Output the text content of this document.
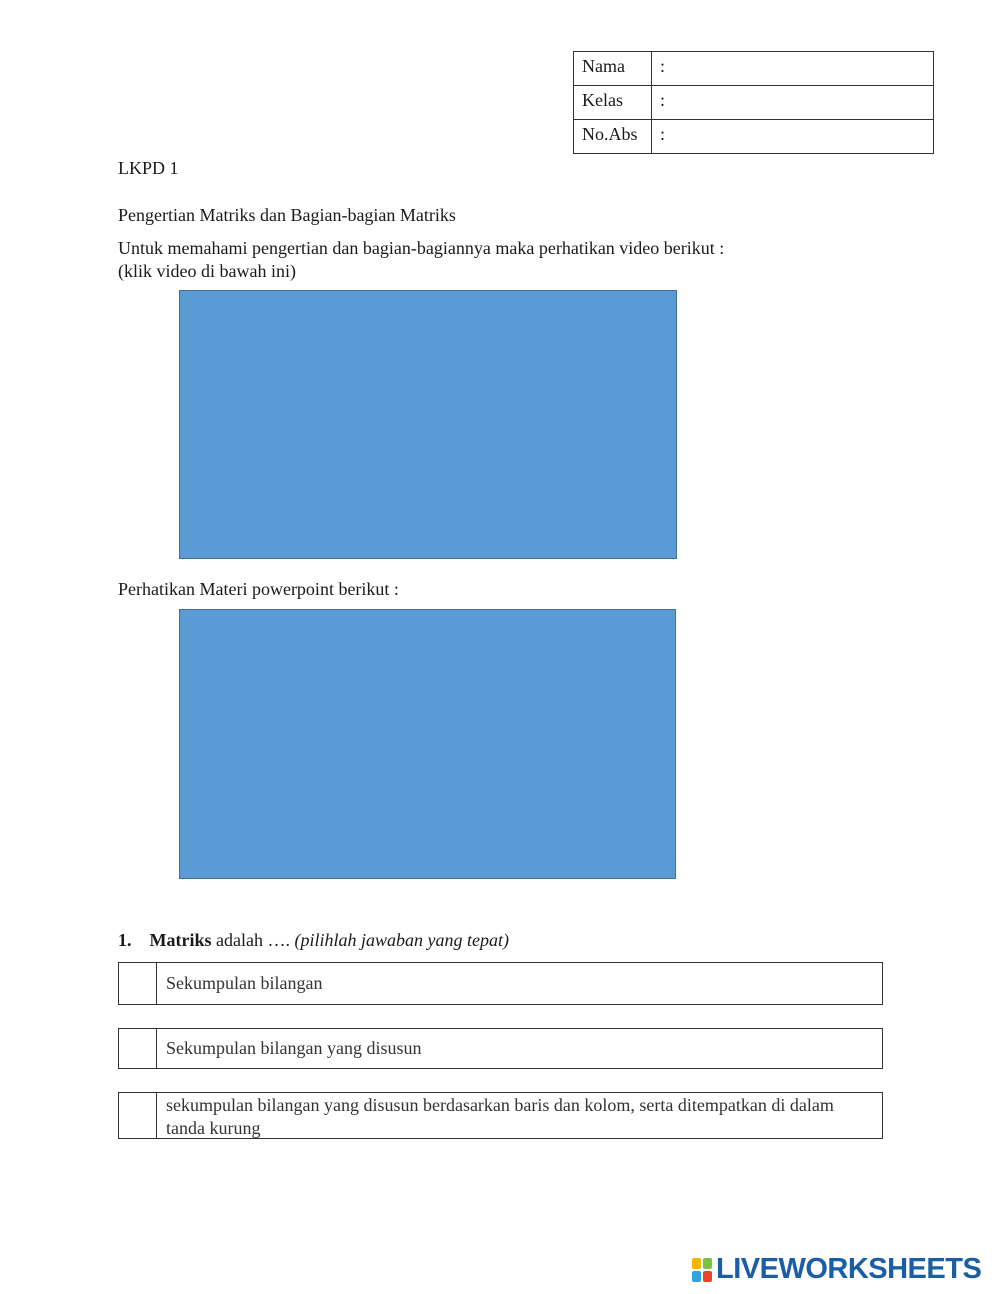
Nama	:
Kelas	:
No.Abs	:
LKPD 1
Pengertian Matriks dan Bagian-bagian Matriks
Untuk memahami pengertian dan bagian-bagiannya maka perhatikan video berikut :
(klik video di bawah ini)
Perhatikan Materi powerpoint berikut :
1. Matriks adalah …. (pilihlah jawaban yang tepat)
Sekumpulan bilangan
Sekumpulan bilangan yang disusun
sekumpulan bilangan yang disusun berdasarkan baris dan kolom, serta ditempatkan di dalam tanda kurung
LIVEWORKSHEETS
